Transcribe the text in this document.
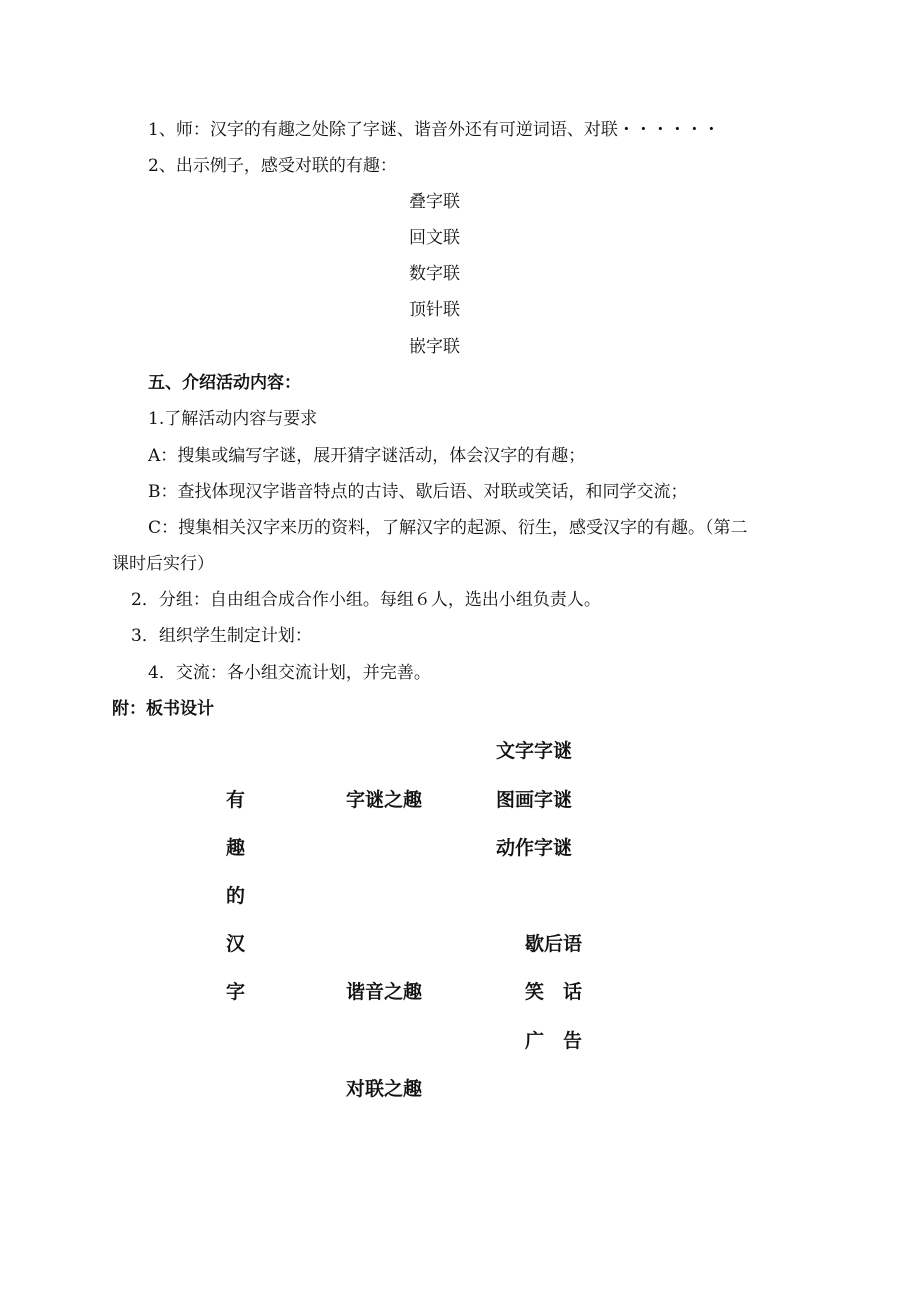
1、师：汉字的有趣之处除了字谜、谐音外还有可逆词语、对联・・・・・・
2、出示例子，感受对联的有趣：
叠字联
回文联
数字联
顶针联
嵌字联
五、介绍活动内容：
1.了解活动内容与要求
A：搜集或编写字谜，展开猜字谜活动，体会汉字的有趣；
B：查找体现汉字谐音特点的古诗、歇后语、对联或笑话，和同学交流；
C：搜集相关汉字来历的资料，了解汉字的起源、衍生，感受汉字的有趣。（第二
课时后实行）
2．分组：自由组合成合作小组。每组６人，选出小组负责人。
3．组织学生制定计划：
4．交流：各小组交流计划，并完善。
附：板书设计
有
趣
的
汉
字
字谜之趣
谐音之趣
对联之趣
文字字谜
图画字谜
动作字谜
歇后语
笑　话
广　告
